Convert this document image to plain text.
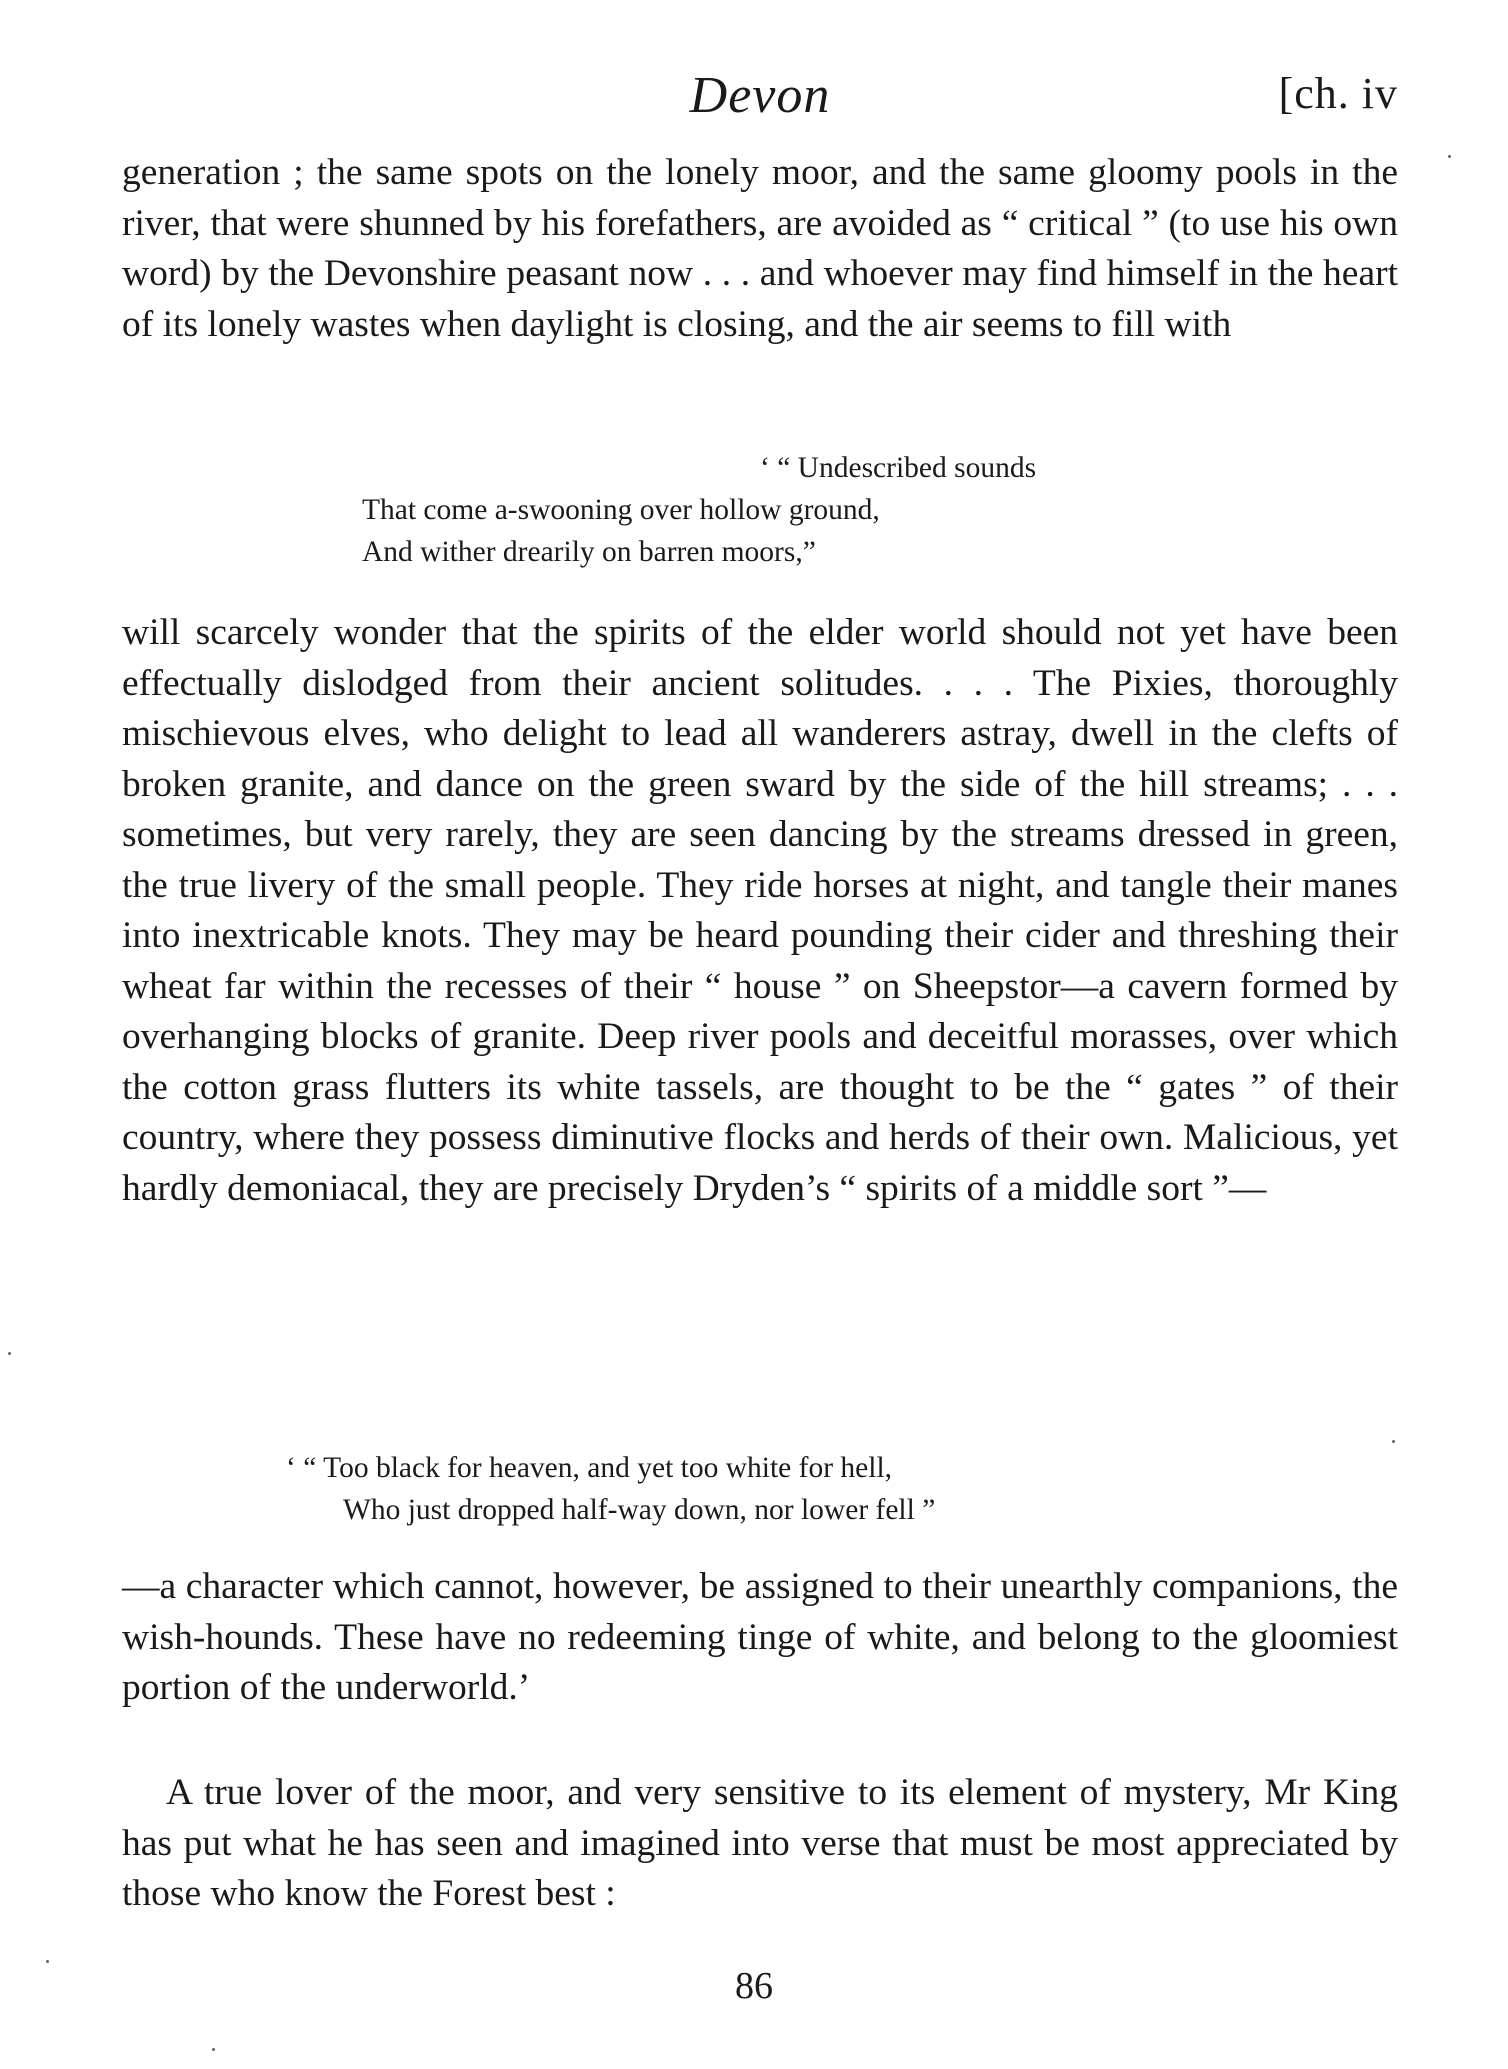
Devon	[ch. iv

generation ; the same spots on the lonely moor, and the same gloomy pools in the river, that were shunned by his forefathers, are avoided as “ critical ” (to use his own word) by the Devonshire peasant now . . . and whoever may find himself in the heart of its lonely wastes when daylight is closing, and the air seems to fill with

‘ “ Undescribed sounds
That come a-swooning over hollow ground,
And wither drearily on barren moors,”

will scarcely wonder that the spirits of the elder world should not yet have been effectually dislodged from their ancient solitudes. . . . The Pixies, thoroughly mischievous elves, who delight to lead all wanderers astray, dwell in the clefts of broken granite, and dance on the green sward by the side of the hill streams; . . . sometimes, but very rarely, they are seen dancing by the streams dressed in green, the true livery of the small people. They ride horses at night, and tangle their manes into inextricable knots. They may be heard pounding their cider and threshing their wheat far within the recesses of their “ house ” on Sheepstor—a cavern formed by overhanging blocks of granite. Deep river pools and deceitful morasses, over which the cotton grass flutters its white tassels, are thought to be the “ gates ” of their country, where they possess diminutive flocks and herds of their own. Malicious, yet hardly demoniacal, they are precisely Dryden’s “ spirits of a middle sort ”—

‘ “ Too black for heaven, and yet too white for hell,
Who just dropped half-way down, nor lower fell ”

—a character which cannot, however, be assigned to their unearthly companions, the wish-hounds. These have no redeeming tinge of white, and belong to the gloomiest portion of the underworld.’

A true lover of the moor, and very sensitive to its element of mystery, Mr King has put what he has seen and imagined into verse that must be most appreciated by those who know the Forest best :

86
